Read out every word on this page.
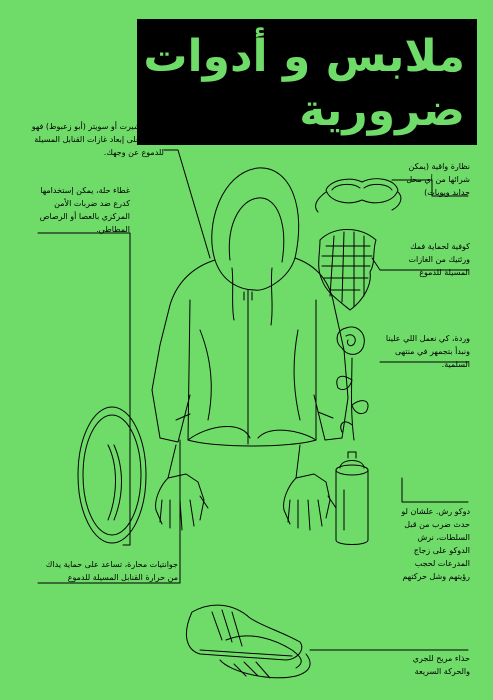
ملابس و أدوات
ضرورية
سويت شيرت أو سويتر (أبو زعبوط) فهو يساعد على إبعاد غازات القنابل المسيلة للدموع عن وجهك.
غطاء حلة، يمكن إستخدامها كدرع ضد ضربات الأمن المركزي بالعصا أو الرصاص المطاطي.
جوانتيات محارة، تساعد على حماية يداك من حرارة القنابل المسيلة للدموع
نظارة واقية (يمكن شرائها من أي محل حدايد وبويات)
كوفية لحماية فمك ورئتيك من الغازات المسيلة للدموع
وردة، كي نعمل اللي علينا ونبدأ بتجمهر في منتهى السلمية.
دوكو رش. علشان لو حدث ضرب من قبل السلطات، نرش الدوكو على زجاج المدرعات لحجب رؤيتهم وشل حركتهم
حذاء مريح للجري والحركة السريعة
